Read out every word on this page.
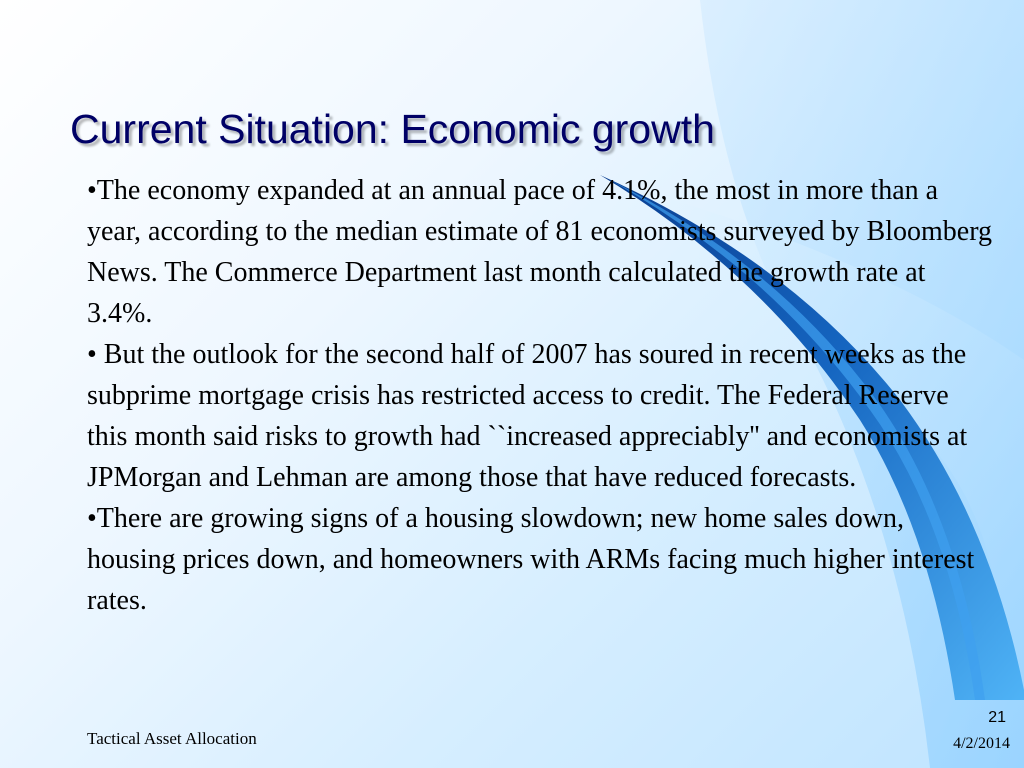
Current Situation: Economic growth

•The economy expanded at an annual pace of 4.1%, the most in more than a year, according to the median estimate of 81 economists surveyed by Bloomberg News. The Commerce Department last month calculated the growth rate at 3.4%.

• But the outlook for the second half of 2007 has soured in recent weeks as the subprime mortgage crisis has restricted access to credit. The Federal Reserve this month said risks to growth had ``increased appreciably'' and economists at JPMorgan and Lehman are among those that have reduced forecasts.

•There are growing signs of a housing slowdown; new home sales down, housing prices down, and homeowners with ARMs facing much higher interest rates.

Tactical Asset Allocation
21
4/2/2014
